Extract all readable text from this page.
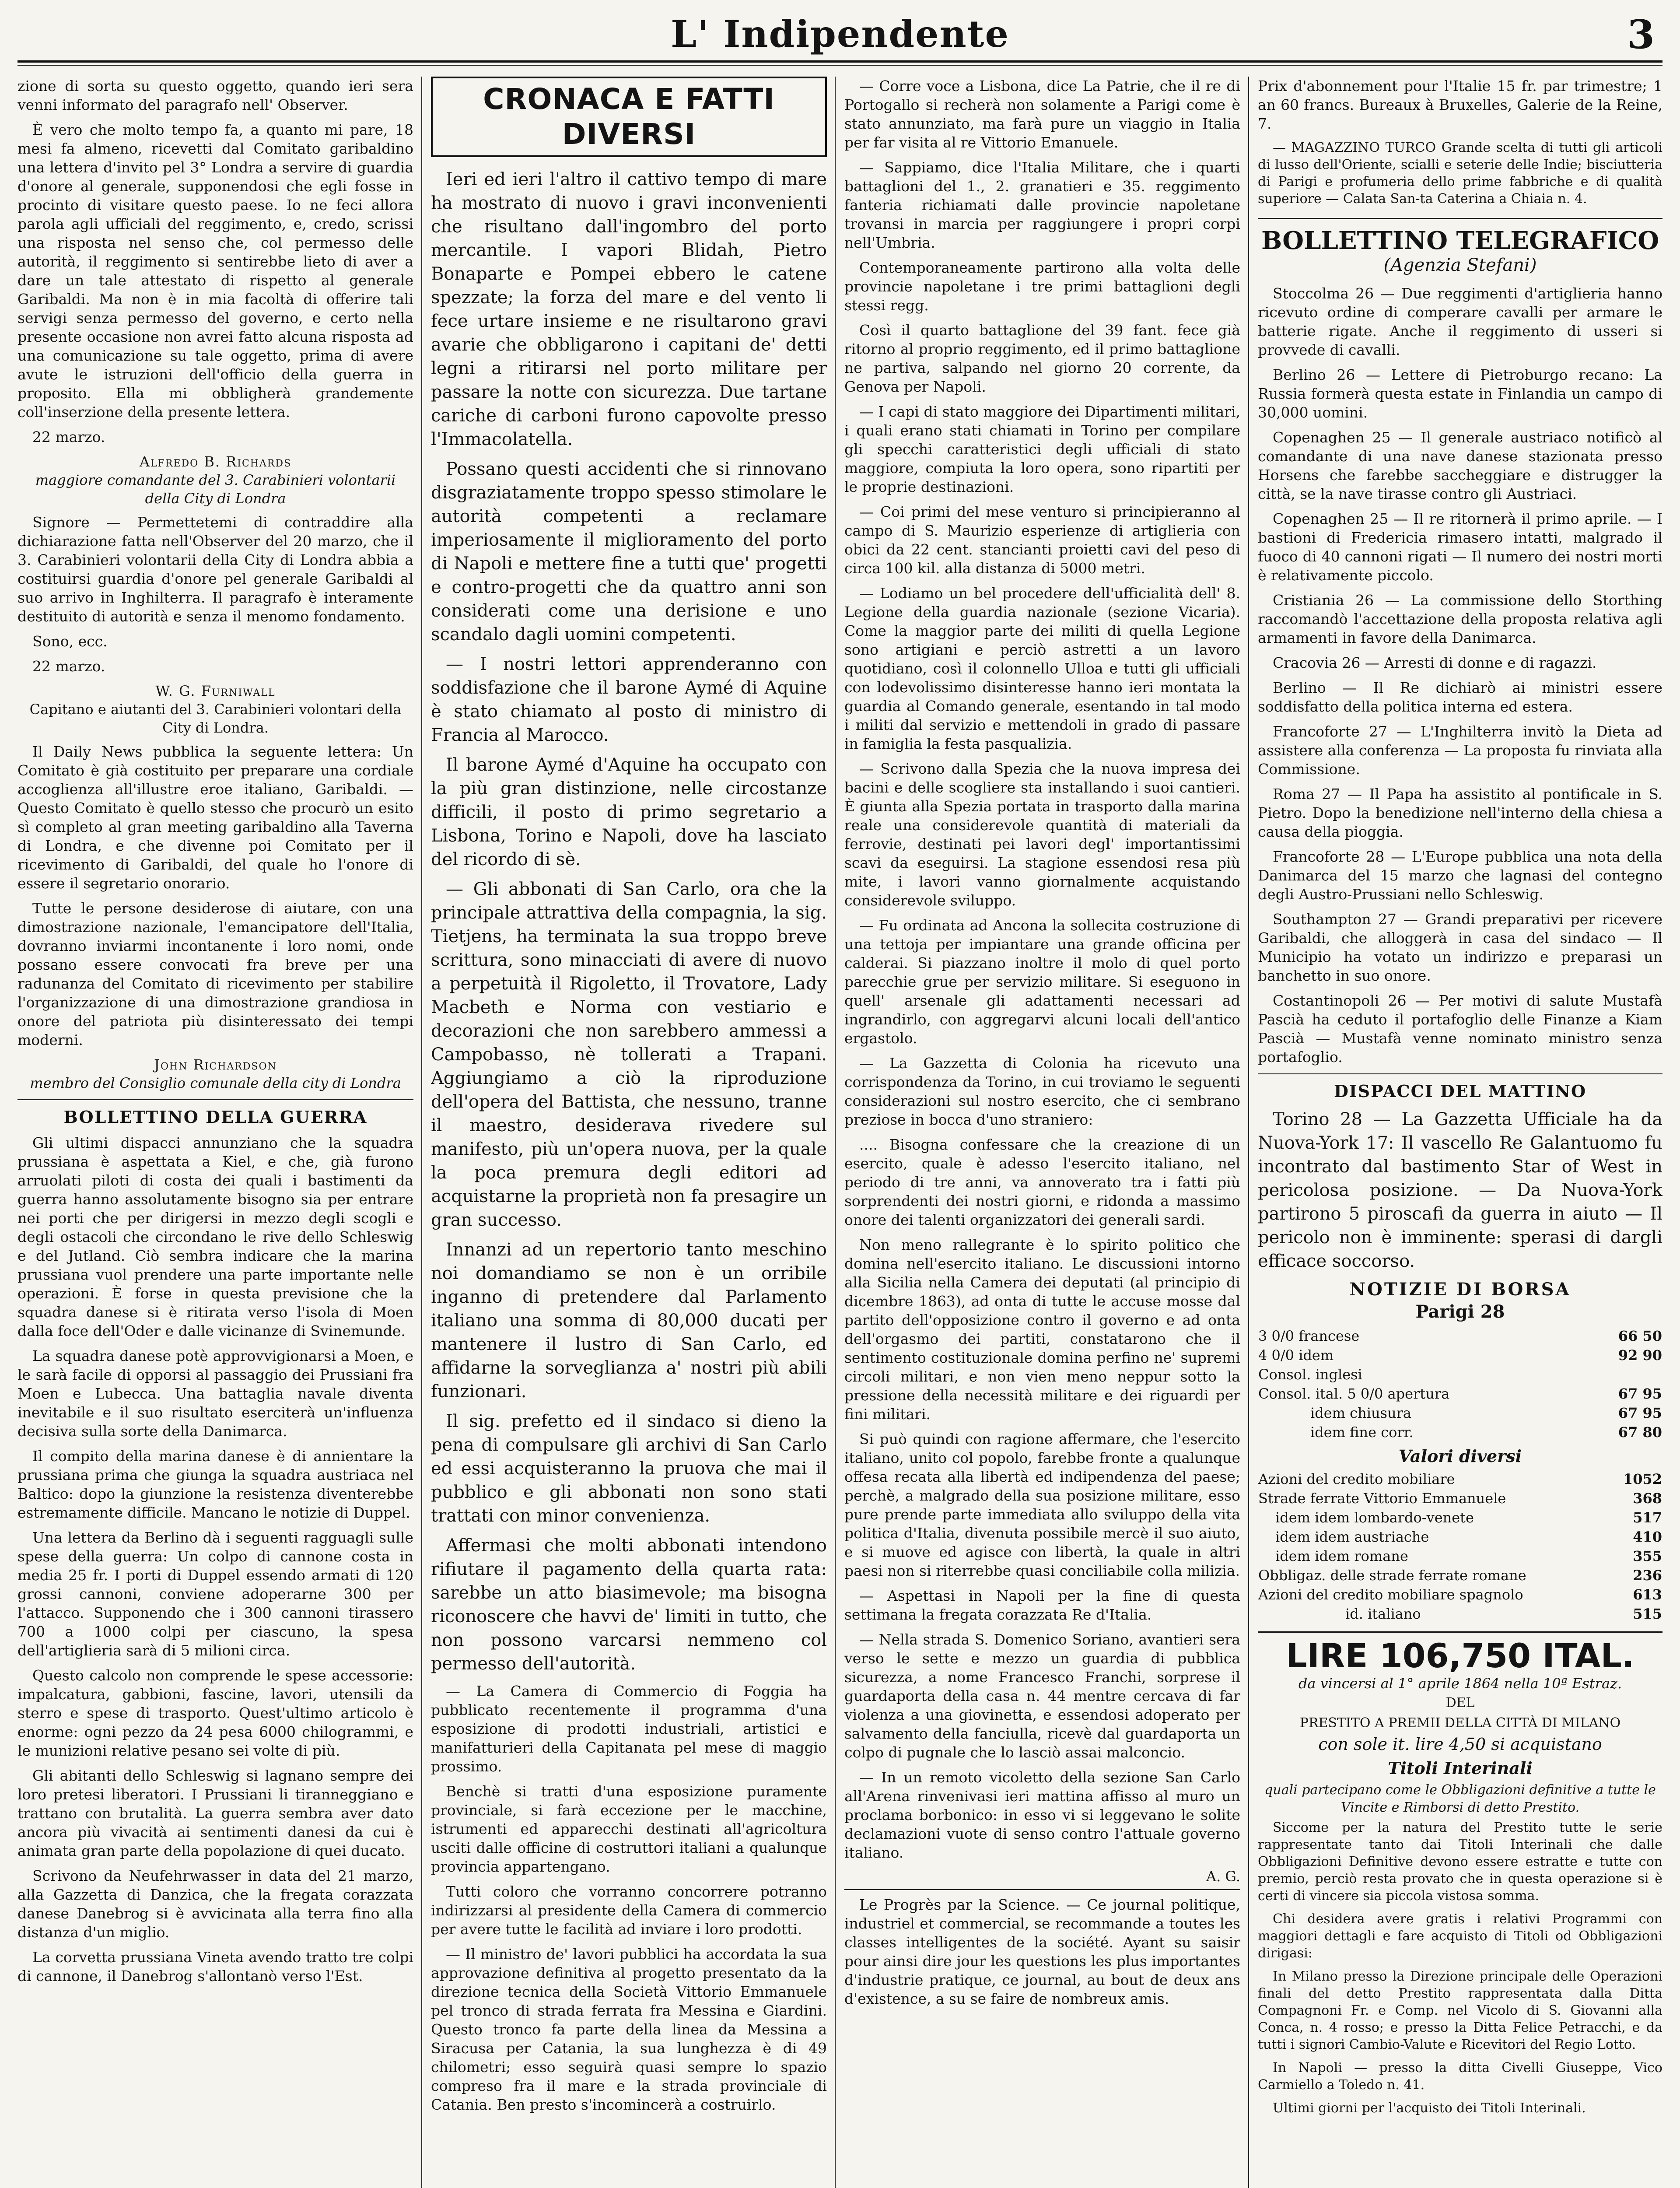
L' Indipendente	3

zione di sorta su questo oggetto, quando ieri sera venni informato del paragrafo nell' Observer.

È vero che molto tempo fa, a quanto mi pare, 18 mesi fa almeno, ricevetti dal Comitato garibaldino una lettera d'invito pel 3° Londra a servire di guardia d'onore al generale, supponendosi che egli fosse in procinto di visitare questo paese. Io ne feci allora parola agli ufficiali del reggimento, e, credo, scrissi una risposta nel senso che, col permesso delle autorità, il reggimento si sentirebbe lieto di aver a dare un tale attestato di rispetto al generale Garibaldi. Ma non è in mia facoltà di offerire tali servigi senza permesso del governo, e certo nella presente occasione non avrei fatto alcuna risposta ad una comunicazione su tale oggetto, prima di avere avute le istruzioni dell'officio della guerra in proposito. Ella mi obbligherà grandemente coll'inserzione della presente lettera.

22 marzo.

Alfredo B. Richards
maggiore comandante del 3. Carabinieri volontarii della City di Londra

Signore — Permettetemi di contraddire alla dichiarazione fatta nell'Observer del 20 marzo, che il 3. Carabinieri volontarii della City di Londra abbia a costituirsi guardia d'onore pel generale Garibaldi al suo arrivo in Inghilterra. Il paragrafo è interamente destituito di autorità e senza il menomo fondamento.

Sono, ecc.

22 marzo.

W. G. Furniwall
Capitano e aiutanti del 3. Carabinieri volontari della City di Londra.

Il Daily News pubblica la seguente lettera: Un Comitato è già costituito per preparare una cordiale accoglienza all'illustre eroe italiano, Garibaldi. — Questo Comitato è quello stesso che procurò un esito sì completo al gran meeting garibaldino alla Taverna di Londra, e che divenne poi Comitato per il ricevimento di Garibaldi, del quale ho l'onore di essere il segretario onorario.

Tutte le persone desiderose di aiutare, con una dimostrazione nazionale, l'emancipatore dell'Italia, dovranno inviarmi incontanente i loro nomi, onde possano essere convocati fra breve per una radunanza del Comitato di ricevimento per stabilire l'organizzazione di una dimostrazione grandiosa in onore del patriota più disinteressato dei tempi moderni.

John Richardson
membro del Consiglio comunale della city di Londra
BOLLETTINO DELLA GUERRA

Gli ultimi dispacci annunziano che la squadra prussiana è aspettata a Kiel, e che, già furono arruolati piloti di costa dei quali i bastimenti da guerra hanno assolutamente bisogno sia per entrare nei porti che per dirigersi in mezzo degli scogli e degli ostacoli che circondano le rive dello Schleswig e del Jutland. Ciò sembra indicare che la marina prussiana vuol prendere una parte importante nelle operazioni. È forse in questa previsione che la squadra danese si è ritirata verso l'isola di Moen dalla foce dell'Oder e dalle vicinanze di Svinemunde.

La squadra danese potè approvvigionarsi a Moen, e le sarà facile di opporsi al passaggio dei Prussiani fra Moen e Lubecca. Una battaglia navale diventa inevitabile e il suo risultato eserciterà un'influenza decisiva sulla sorte della Danimarca.

Il compito della marina danese è di annientare la prussiana prima che giunga la squadra austriaca nel Baltico: dopo la giunzione la resistenza diventerebbe estremamente difficile. Mancano le notizie di Duppel.

Una lettera da Berlino dà i seguenti ragguagli sulle spese della guerra: Un colpo di cannone costa in media 25 fr. I porti di Duppel essendo armati di 120 grossi cannoni, conviene adoperarne 300 per l'attacco. Supponendo che i 300 cannoni tirassero 700 a 1000 colpi per ciascuno, la spesa dell'artiglieria sarà di 5 milioni circa.

Questo calcolo non comprende le spese accessorie: impalcatura, gabbioni, fascine, lavori, utensili da sterro e spese di trasporto. Quest'ultimo articolo è enorme: ogni pezzo da 24 pesa 6000 chilogrammi, e le munizioni relative pesano sei volte di più.

Gli abitanti dello Schleswig si lagnano sempre dei loro pretesi liberatori. I Prussiani li tiranneggiano e trattano con brutalità. La guerra sembra aver dato ancora più vivacità ai sentimenti danesi da cui è animata gran parte della popolazione di quei ducato.

Scrivono da Neufehrwasser in data del 21 marzo, alla Gazzetta di Danzica, che la fregata corazzata danese Danebrog si è avvicinata alla terra fino alla distanza d'un miglio.

La corvetta prussiana Vineta avendo tratto tre colpi di cannone, il Danebrog s'allontanò verso l'Est.

CRONACA E FATTI DIVERSI

Ieri ed ieri l'altro il cattivo tempo di mare ha mostrato di nuovo i gravi inconvenienti che risultano dall'ingombro del porto mercantile. I vapori Blidah, Pietro Bonaparte e Pompei ebbero le catene spezzate; la forza del mare e del vento li fece urtare insieme e ne risultarono gravi avarie che obbligarono i capitani de' detti legni a ritirarsi nel porto militare per passare la notte con sicurezza. Due tartane cariche di carboni furono capovolte presso l'Immacolatella.

Possano questi accidenti che si rinnovano disgraziatamente troppo spesso stimolare le autorità competenti a reclamare imperiosamente il miglioramento del porto di Napoli e mettere fine a tutti que' progetti e contro-progetti che da quattro anni son considerati come una derisione e uno scandalo dagli uomini competenti.

— I nostri lettori apprenderanno con soddisfazione che il barone Aymé di Aquine è stato chiamato al posto di ministro di Francia al Marocco.

Il barone Aymé d'Aquine ha occupato con la più gran distinzione, nelle circostanze difficili, il posto di primo segretario a Lisbona, Torino e Napoli, dove ha lasciato del ricordo di sè.

— Gli abbonati di San Carlo, ora che la principale attrattiva della compagnia, la sig. Tietjens, ha terminata la sua troppo breve scrittura, sono minacciati di avere di nuovo a perpetuità il Rigoletto, il Trovatore, Lady Macbeth e Norma con vestiario e decorazioni che non sarebbero ammessi a Campobasso, nè tollerati a Trapani. Aggiungiamo a ciò la riproduzione dell'opera del Battista, che nessuno, tranne il maestro, desiderava rivedere sul manifesto, più un'opera nuova, per la quale la poca premura degli editori ad acquistarne la proprietà non fa presagire un gran successo.

Innanzi ad un repertorio tanto meschino noi domandiamo se non è un orribile inganno di pretendere dal Parlamento italiano una somma di 80,000 ducati per mantenere il lustro di San Carlo, ed affidarne la sorveglianza a' nostri più abili funzionari.

Il sig. prefetto ed il sindaco si dieno la pena di compulsare gli archivi di San Carlo ed essi acquisteranno la pruova che mai il pubblico e gli abbonati non sono stati trattati con minor convenienza.

Affermasi che molti abbonati intendono rifiutare il pagamento della quarta rata: sarebbe un atto biasimevole; ma bisogna riconoscere che havvi de' limiti in tutto, che non possono varcarsi nemmeno col permesso dell'autorità.

— La Camera di Commercio di Foggia ha pubblicato recentemente il programma d'una esposizione di prodotti industriali, artistici e manifatturieri della Capitanata pel mese di maggio prossimo.

Benchè si tratti d'una esposizione puramente provinciale, si farà eccezione per le macchine, istrumenti ed apparecchi destinati all'agricoltura usciti dalle officine di costruttori italiani a qualunque provincia appartengano.

Tutti coloro che vorranno concorrere potranno indirizzarsi al presidente della Camera di commercio per avere tutte le facilità ad inviare i loro prodotti.

— Il ministro de' lavori pubblici ha accordata la sua approvazione definitiva al progetto presentato da la direzione tecnica della Società Vittorio Emmanuele pel tronco di strada ferrata fra Messina e Giardini. Questo tronco fa parte della linea da Messina a Siracusa per Catania, la sua lunghezza è di 49 chilometri; esso seguirà quasi sempre lo spazio compreso fra il mare e la strada provinciale di Catania. Ben presto s'incomincerà a costruirlo.

— Corre voce a Lisbona, dice La Patrie, che il re di Portogallo si recherà non solamente a Parigi come è stato annunziato, ma farà pure un viaggio in Italia per far visita al re Vittorio Emanuele.

— Sappiamo, dice l'Italia Militare, che i quarti battaglioni del 1., 2. granatieri e 35. reggimento fanteria richiamati dalle provincie napoletane trovansi in marcia per raggiungere i propri corpi nell'Umbria.

Contemporaneamente partirono alla volta delle provincie napoletane i tre primi battaglioni degli stessi regg.

Così il quarto battaglione del 39 fant. fece già ritorno al proprio reggimento, ed il primo battaglione ne partiva, salpando nel giorno 20 corrente, da Genova per Napoli.

— I capi di stato maggiore dei Dipartimenti militari, i quali erano stati chiamati in Torino per compilare gli specchi caratteristici degli ufficiali di stato maggiore, compiuta la loro opera, sono ripartiti per le proprie destinazioni.

— Coi primi del mese venturo si principieranno al campo di S. Maurizio esperienze di artiglieria con obici da 22 cent. stancianti proietti cavi del peso di circa 100 kil. alla distanza di 5000 metri.

— Lodiamo un bel procedere dell'ufficialità dell' 8. Legione della guardia nazionale (sezione Vicaria). Come la maggior parte dei militi di quella Legione sono artigiani e perciò astretti a un lavoro quotidiano, così il colonnello Ulloa e tutti gli ufficiali con lodevolissimo disinteresse hanno ieri montata la guardia al Comando generale, esentando in tal modo i militi dal servizio e mettendoli in grado di passare in famiglia la festa pasqualizia.

— Scrivono dalla Spezia che la nuova impresa dei bacini e delle scogliere sta installando i suoi cantieri. È giunta alla Spezia portata in trasporto dalla marina reale una considerevole quantità di materiali da ferrovie, destinati pei lavori degl' importantissimi scavi da eseguirsi. La stagione essendosi resa più mite, i lavori vanno giornalmente acquistando considerevole sviluppo.

— Fu ordinata ad Ancona la sollecita costruzione di una tettoja per impiantare una grande officina per calderai. Si piazzano inoltre il molo di quel porto parecchie grue per servizio militare. Si eseguono in quell' arsenale gli adattamenti necessari ad ingrandirlo, con aggregarvi alcuni locali dell'antico ergastolo.

— La Gazzetta di Colonia ha ricevuto una corrispondenza da Torino, in cui troviamo le seguenti considerazioni sul nostro esercito, che ci sembrano preziose in bocca d'uno straniero:

.... Bisogna confessare che la creazione di un esercito, quale è adesso l'esercito italiano, nel periodo di tre anni, va annoverato tra i fatti più sorprendenti dei nostri giorni, e ridonda a massimo onore dei talenti organizzatori dei generali sardi.

Non meno rallegrante è lo spirito politico che domina nell'esercito italiano. Le discussioni intorno alla Sicilia nella Camera dei deputati (al principio di dicembre 1863), ad onta di tutte le accuse mosse dal partito dell'opposizione contro il governo e ad onta dell'orgasmo dei partiti, constatarono che il sentimento costituzionale domina perfino ne' supremi circoli militari, e non vien meno neppur sotto la pressione della necessità militare e dei riguardi per fini militari.

Si può quindi con ragione affermare, che l'esercito italiano, unito col popolo, farebbe fronte a qualunque offesa recata alla libertà ed indipendenza del paese; perchè, a malgrado della sua posizione militare, esso pure prende parte immediata allo sviluppo della vita politica d'Italia, divenuta possibile mercè il suo aiuto, e si muove ed agisce con libertà, la quale in altri paesi non si riterrebbe quasi conciliabile colla milizia.

— Aspettasi in Napoli per la fine di questa settimana la fregata corazzata Re d'Italia.

— Nella strada S. Domenico Soriano, avantieri sera verso le sette e mezzo un guardia di pubblica sicurezza, a nome Francesco Franchi, sorprese il guardaporta della casa n. 44 mentre cercava di far violenza a una giovinetta, e essendosi adoperato per salvamento della fanciulla, ricevè dal guardaporta un colpo di pugnale che lo lasciò assai malconcio.

— In un remoto vicoletto della sezione San Carlo all'Arena rinvenivasi ieri mattina affisso al muro un proclama borbonico: in esso vi si leggevano le solite declamazioni vuote di senso contro l'attuale governo italiano.

A. G.

Le Progrès par la Science. — Ce journal politique, industriel et commercial, se recommande a toutes les classes intelligentes de la société. Ayant su saisir pour ainsi dire jour les questions les plus importantes d'industrie pratique, ce journal, au bout de deux ans d'existence, a su se faire de nombreux amis.

Prix d'abonnement pour l'Italie 15 fr. par trimestre; 1 an 60 francs. Bureaux à Bruxelles, Galerie de la Reine, 7.

— MAGAZZINO TURCO Grande scelta di tutti gli articoli di lusso dell'Oriente, scialli e seterie delle Indie; bisciutteria di Parigi e profumeria dello prime fabbriche e di qualità superiore — Calata San-ta Caterina a Chiaia n. 4.

BOLLETTINO TELEGRAFICO
(Agenzia Stefani)

Stoccolma 26 — Due reggimenti d'artiglieria hanno ricevuto ordine di comperare cavalli per armare le batterie rigate. Anche il reggimento di usseri si provvede di cavalli.

Berlino 26 — Lettere di Pietroburgo recano: La Russia formerà questa estate in Finlandia un campo di 30,000 uomini.

Copenaghen 25 — Il generale austriaco notificò al comandante di una nave danese stazionata presso Horsens che farebbe saccheggiare e distrugger la città, se la nave tirasse contro gli Austriaci.

Copenaghen 25 — Il re ritornerà il primo aprile. — I bastioni di Fredericia rimasero intatti, malgrado il fuoco di 40 cannoni rigati — Il numero dei nostri morti è relativamente piccolo.

Cristiania 26 — La commissione dello Storthing raccomandò l'accettazione della proposta relativa agli armamenti in favore della Danimarca.

Cracovia 26 — Arresti di donne e di ragazzi.

Berlino — Il Re dichiarò ai ministri essere soddisfatto della politica interna ed estera.

Francoforte 27 — L'Inghilterra invitò la Dieta ad assistere alla conferenza — La proposta fu rinviata alla Commissione.

Roma 27 — Il Papa ha assistito al pontificale in S. Pietro. Dopo la benedizione nell'interno della chiesa a causa della pioggia.

Francoforte 28 — L'Europe pubblica una nota della Danimarca del 15 marzo che lagnasi del contegno degli Austro-Prussiani nello Schleswig.

Southampton 27 — Grandi preparativi per ricevere Garibaldi, che alloggerà in casa del sindaco — Il Municipio ha votato un indirizzo e preparasi un banchetto in suo onore.

Costantinopoli 26 — Per motivi di salute Mustafà Pascià ha ceduto il portafoglio delle Finanze a Kiam Pascià — Mustafà venne nominato ministro senza portafoglio.

DISPACCI DEL MATTINO

Torino 28 — La Gazzetta Ufficiale ha da Nuova-York 17: Il vascello Re Galantuomo fu incontrato dal bastimento Star of West in pericolosa posizione. — Da Nuova-York partirono 5 piroscafi da guerra in aiuto — Il pericolo non è imminente: sperasi di dargli efficace soccorso.

NOTIZIE DI BORSA
Parigi 28
3 0/0 francese	66 50
4 0/0 idem	92 90
Consol. inglesi	
Consol. ital. 5 0/0 apertura	67 95
idem chiusura	67 95
idem fine corr.	67 80
Valori diversi
Azioni del credito mobiliare	1052
Strade ferrate Vittorio Emmanuele	368
idem idem lombardo-venete	517
idem idem austriache	410
idem idem romane	355
Obbligaz. delle strade ferrate romane	236
Azioni del credito mobiliare spagnolo	613
id. italiano	515
LIRE 106,750 ITAL.
da vincersi al 1° aprile 1864 nella 10ª Estraz.
DEL
PRESTITO A PREMII DELLA CITTÀ DI MILANO
con sole it. lire 4,50 si acquistano
Titoli Interinali
quali partecipano come le Obbligazioni definitive a tutte le Vincite e Rimborsi di detto Prestito.

Siccome per la natura del Prestito tutte le serie rappresentate tanto dai Titoli Interinali che dalle Obbligazioni Definitive devono essere estratte e tutte con premio, perciò resta provato che in questa operazione si è certi di vincere sia piccola vistosa somma.

Chi desidera avere gratis i relativi Programmi con maggiori dettagli e fare acquisto di Titoli od Obbligazioni dirigasi:

In Milano presso la Direzione principale delle Operazioni finali del detto Prestito rappresentata dalla Ditta Compagnoni Fr. e Comp. nel Vicolo di S. Giovanni alla Conca, n. 4 rosso; e presso la Ditta Felice Petracchi, e da tutti i signori Cambio-Valute e Ricevitori del Regio Lotto.

In Napoli — presso la ditta Civelli Giuseppe, Vico Carmiello a Toledo n. 41.

Ultimi giorni per l'acquisto dei Titoli Interinali.
